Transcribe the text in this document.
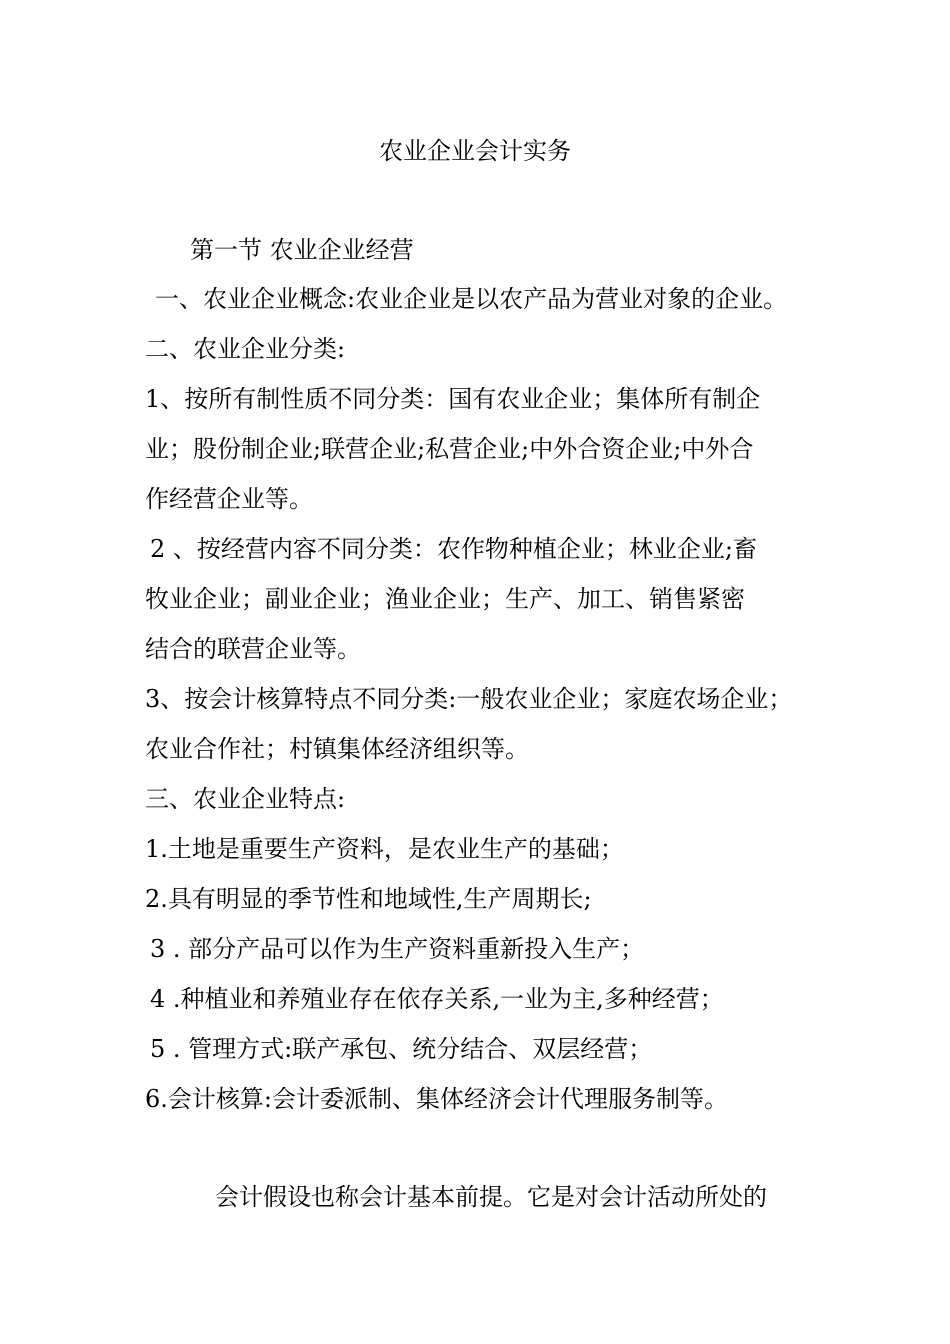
农业企业会计实务
第一节 农业企业经营
一、农业企业概念:农业企业是以农产品为营业对象的企业。
二、农业企业分类:
1、按所有制性质不同分类：国有农业企业；集体所有制企
业；股份制企业;联营企业;私营企业;中外合资企业;中外合
作经营企业等。
2 、按经营内容不同分类：农作物种植企业；林业企业;畜
牧业企业；副业企业；渔业企业；生产、加工、销售紧密
结合的联营企业等。
3、按会计核算特点不同分类:一般农业企业；家庭农场企业；
农业合作社；村镇集体经济组织等。
三、农业企业特点:
1.土地是重要生产资料，是农业生产的基础；
2.具有明显的季节性和地域性,生产周期长;
3 . 部分产品可以作为生产资料重新投入生产；
4 .种植业和养殖业存在依存关系,一业为主,多种经营；
5 . 管理方式:联产承包、统分结合、双层经营；
6.会计核算:会计委派制、集体经济会计代理服务制等。
会计假设也称会计基本前提。它是对会计活动所处的
